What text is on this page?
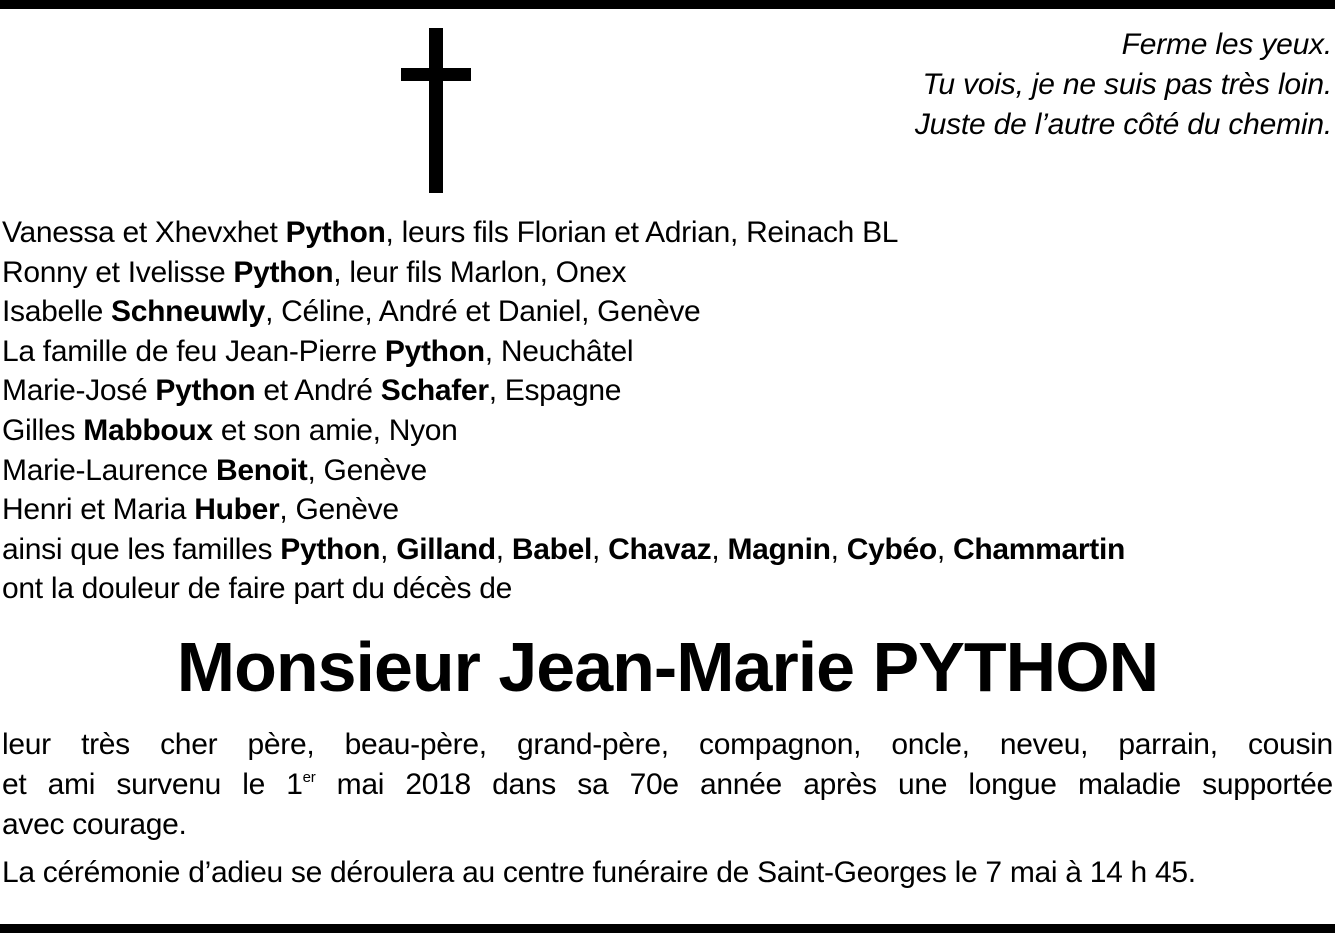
Ferme les yeux.
Tu vois, je ne suis pas très loin.
Juste de l’autre côté du chemin.
Vanessa et Xhevxhet Python, leurs fils Florian et Adrian, Reinach BL
Ronny et Ivelisse Python, leur fils Marlon, Onex
Isabelle Schneuwly, Céline, André et Daniel, Genève
La famille de feu Jean-Pierre Python, Neuchâtel
Marie-José Python et André Schafer, Espagne
Gilles Mabboux et son amie, Nyon
Marie-Laurence Benoit, Genève
Henri et Maria Huber, Genève
ainsi que les familles Python, Gilland, Babel, Chavaz, Magnin, Cybéo, Chammartin
ont la douleur de faire part du décès de
Monsieur Jean-Marie PYTHON
leur très cher père, beau-père, grand-père, compagnon, oncle, neveu, parrain, cousin
et ami survenu le 1er mai 2018 dans sa 70e année après une longue maladie supportée
avec courage.
La cérémonie d’adieu se déroulera au centre funéraire de Saint-Georges le 7 mai à 14 h 45.
